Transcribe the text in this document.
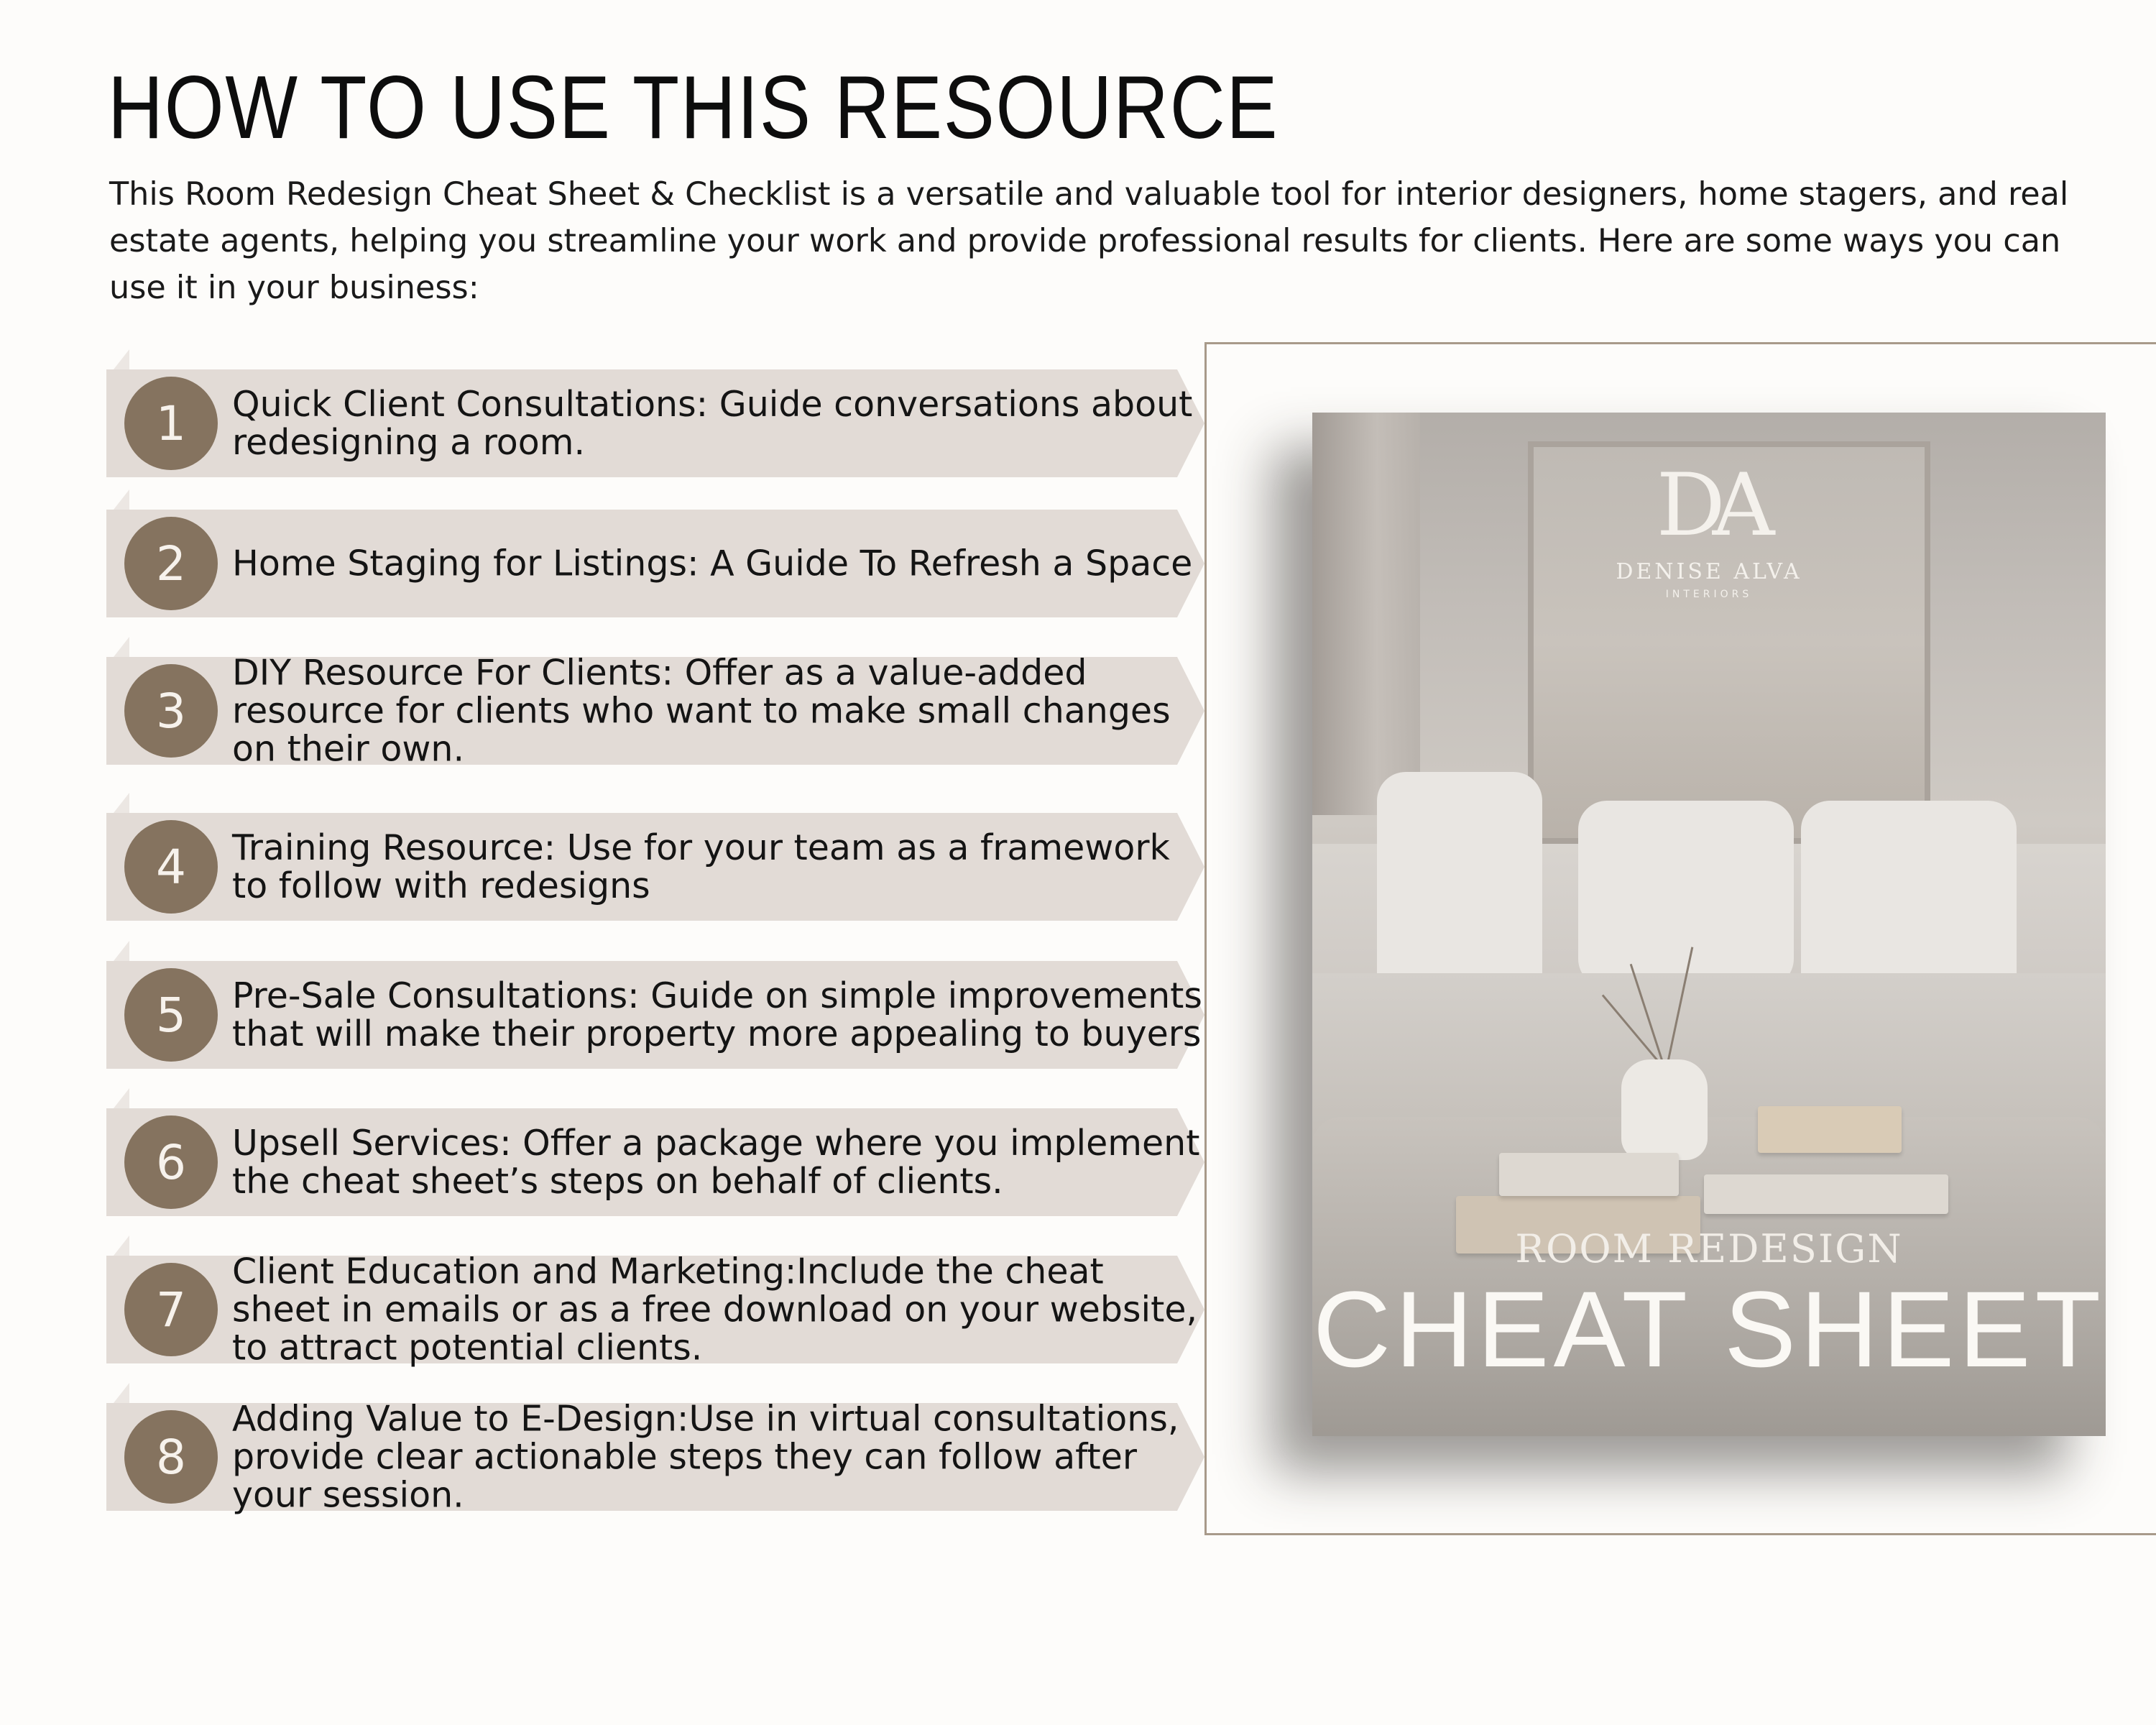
HOW TO USE THIS RESOURCE

This Room Redesign Cheat Sheet & Checklist is a versatile and valuable tool for interior designers, home stagers, and real estate agents, helping you streamline your work and provide professional results for clients. Here are some ways you can use it in your business:

1	Quick Client Consultations: Guide conversations about redesigning a room.
2	Home Staging for Listings: A Guide To Refresh a Space
3
DIY Resource For Clients: Offer as a value-added resource for clients who want to make small changes on their own.
4	Training Resource: Use for your team as a framework to follow with redesigns
5	Pre-Sale Consultations: Guide on simple improvements that will make their property more appealing to buyers
6	Upsell Services: Offer a package where you implement the cheat sheet’s steps on behalf of clients.
7
Client Education and Marketing:Include the cheat sheet in emails or as a free download on your website, to attract potential clients.
8
Adding Value to E-Design:Use in virtual consultations, provide clear actionable steps they can follow after your session.
DA
DENISE ALVA
INTERIORS
ROOM REDESIGN
CHEAT SHEET
